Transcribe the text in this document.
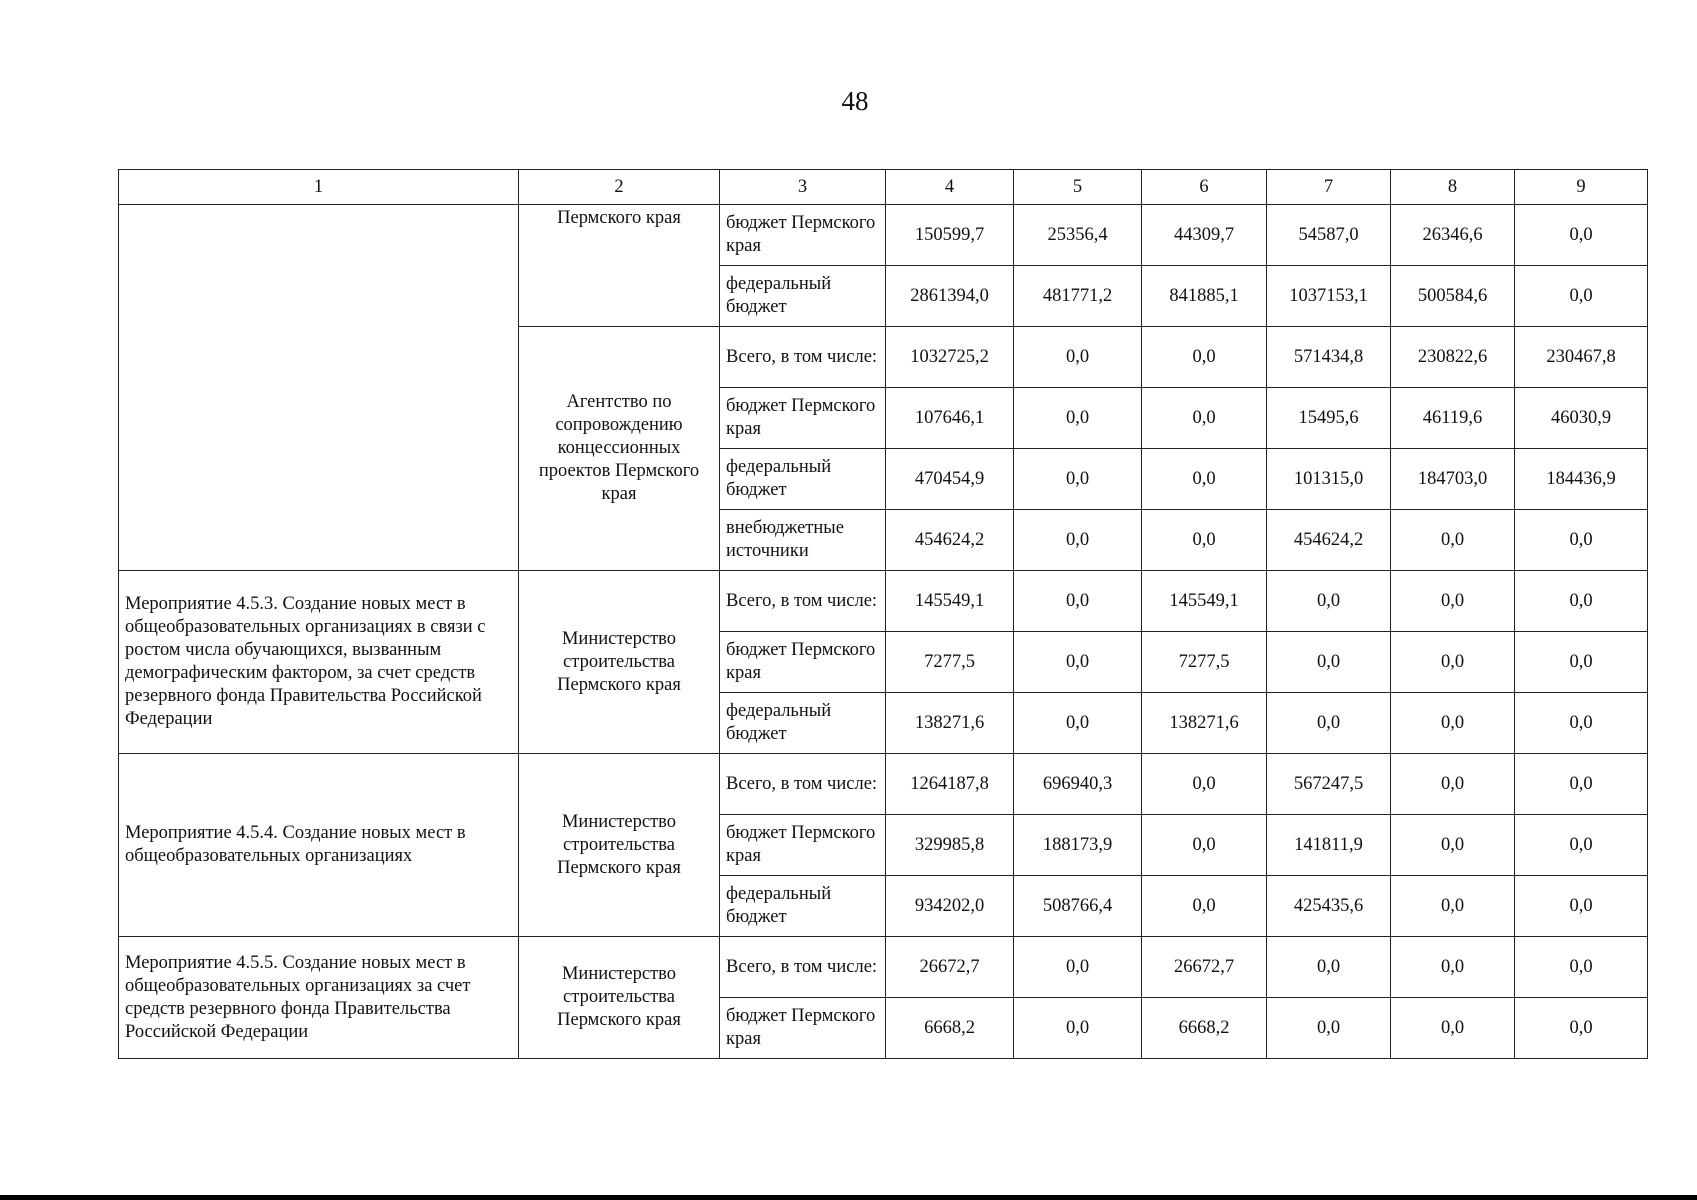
48
1	2	3	4	5	6	7	8	9
	Пермского края	бюджет Пермского края	150599,7	25356,4	44309,7	54587,0	26346,6	0,0
		федеральный бюджет	2861394,0	481771,2	841885,1	1037153,1	500584,6	0,0
	Агентство по сопровождению концессионных проектов Пермского края	Всего, в том числе:	1032725,2	0,0	0,0	571434,8	230822,6	230467,8
		бюджет Пермского края	107646,1	0,0	0,0	15495,6	46119,6	46030,9
		федеральный бюджет	470454,9	0,0	0,0	101315,0	184703,0	184436,9
		внебюджетные источники	454624,2	0,0	0,0	454624,2	0,0	0,0
Мероприятие 4.5.3. Создание новых мест в общеобразовательных организациях в связи с ростом числа обучающихся, вызванным демографическим фактором, за счет средств резервного фонда Правительства Российской Федерации	Министерство строительства Пермского края	Всего, в том числе:	145549,1	0,0	145549,1	0,0	0,0	0,0
		бюджет Пермского края	7277,5	0,0	7277,5	0,0	0,0	0,0
		федеральный бюджет	138271,6	0,0	138271,6	0,0	0,0	0,0
Мероприятие 4.5.4. Создание новых мест в общеобразовательных организациях	Министерство строительства Пермского края	Всего, в том числе:	1264187,8	696940,3	0,0	567247,5	0,0	0,0
		бюджет Пермского края	329985,8	188173,9	0,0	141811,9	0,0	0,0
		федеральный бюджет	934202,0	508766,4	0,0	425435,6	0,0	0,0
Мероприятие 4.5.5. Создание новых мест в общеобразовательных организациях за счет средств резервного фонда Правительства Российской Федерации	Министерство строительства Пермского края	Всего, в том числе:	26672,7	0,0	26672,7	0,0	0,0	0,0
		бюджет Пермского края	6668,2	0,0	6668,2	0,0	0,0	0,0
